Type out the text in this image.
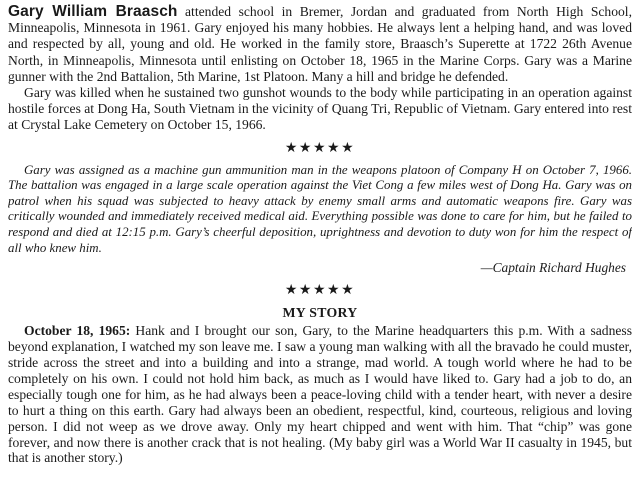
Gary William Braasch attended school in Bremer, Jordan and graduated from North High School, Minneapolis, Minnesota in 1961. Gary enjoyed his many hobbies. He always lent a helping hand, and was loved and respected by all, young and old. He worked in the family store, Braasch’s Superette at 1722 26th Avenue North, in Minneapolis, Minnesota until enlisting on October 18, 1965 in the Marine Corps. Gary was a Marine gunner with the 2nd Battalion, 5th Marine, 1st Platoon. Many a hill and bridge he defended.

Gary was killed when he sustained two gunshot wounds to the body while participating in an operation against hostile forces at Dong Ha, South Vietnam in the vicinity of Quang Tri, Republic of Vietnam. Gary entered into rest at Crystal Lake Cemetery on October 15, 1966.

★★★★★

Gary was assigned as a machine gun ammunition man in the weapons platoon of Company H on October 7, 1966. The battalion was engaged in a large scale operation against the Viet Cong a few miles west of Dong Ha. Gary was on patrol when his squad was subjected to heavy attack by enemy small arms and automatic weapons fire. Gary was critically wounded and immediately received medical aid. Everything possible was done to care for him, but he failed to respond and died at 12:15 p.m. Gary’s cheerful deposition, uprightness and devotion to duty won for him the respect of all who knew him.

—Captain Richard Hughes
★★★★★
MY STORY

October 18, 1965: Hank and I brought our son, Gary, to the Marine headquarters this p.m. With a sadness beyond explanation, I watched my son leave me. I saw a young man walking with all the bravado he could muster, stride across the street and into a building and into a strange, mad world. A tough world where he had to be completely on his own. I could not hold him back, as much as I would have liked to. Gary had a job to do, an especially tough one for him, as he had always been a peace-loving child with a tender heart, with never a desire to hurt a thing on this earth. Gary had always been an obedient, respectful, kind, courteous, religious and loving person. I did not weep as we drove away. Only my heart chipped and went with him. That “chip” was gone forever, and now there is another crack that is not healing. (My baby girl was a World War II casualty in 1945, but that is another story.)
